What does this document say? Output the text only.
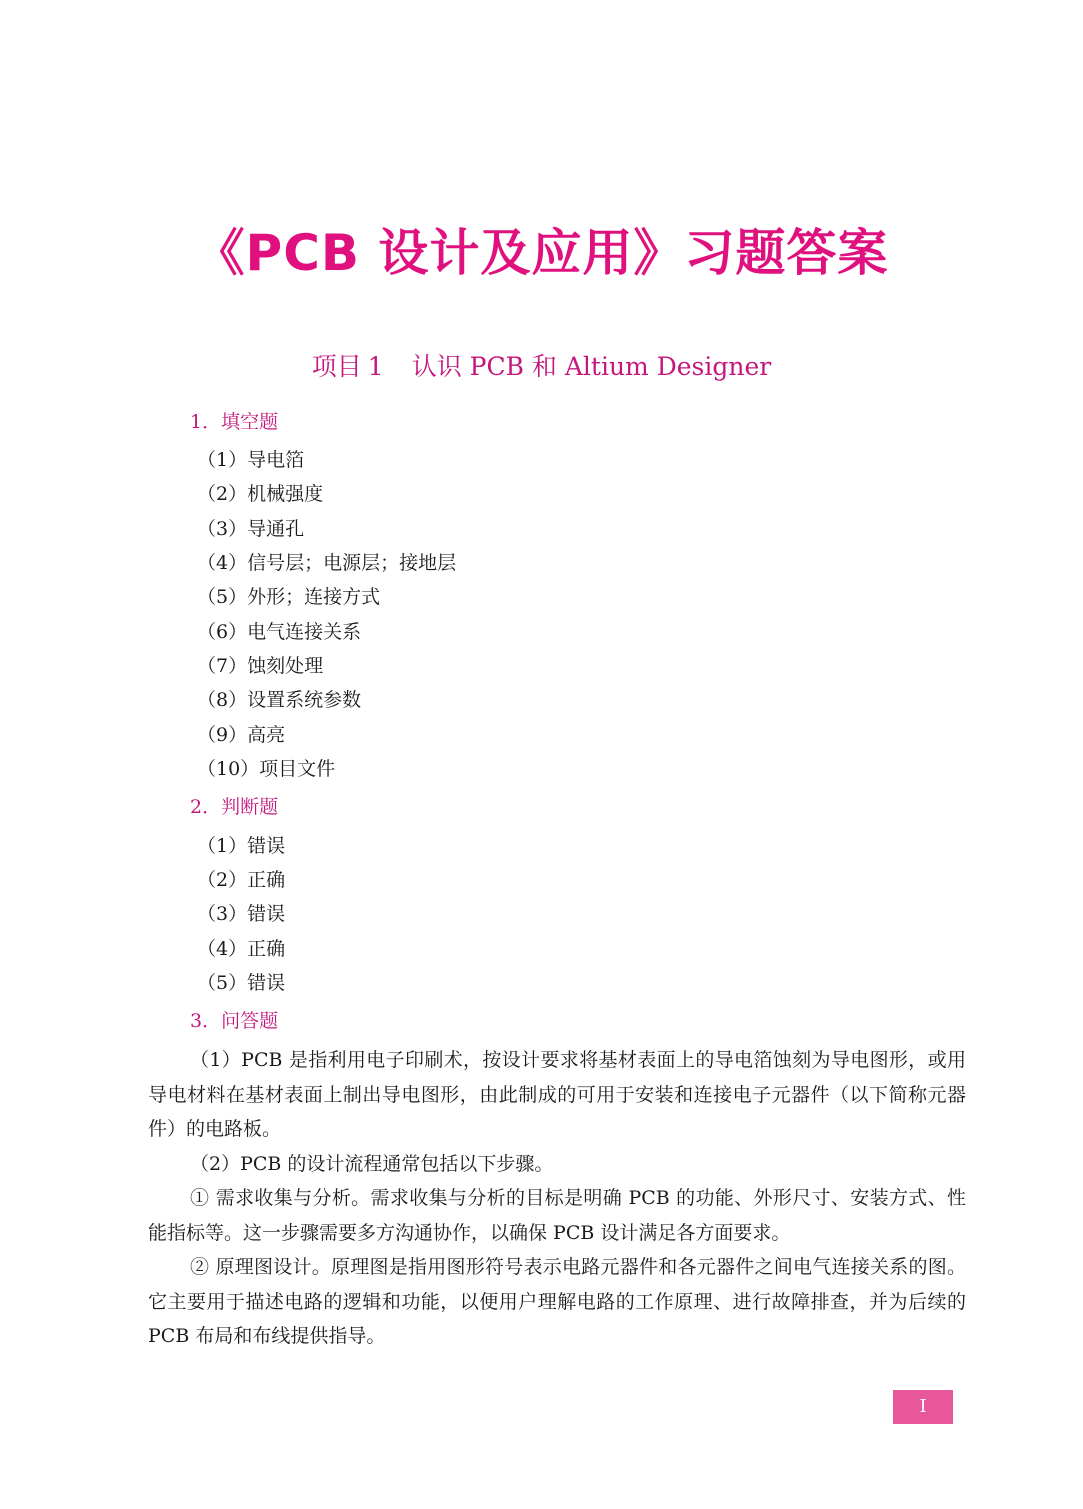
《PCB 设计及应用》习题答案
项目 1 认识 PCB 和 Altium Designer
1．填空题
（1）导电箔
（2）机械强度
（3）导通孔
（4）信号层；电源层；接地层
（5）外形；连接方式
（6）电气连接关系
（7）蚀刻处理
（8）设置系统参数
（9）高亮
（10）项目文件
2．判断题
（1）错误
（2）正确
（3）错误
（4）正确
（5）错误
3．问答题

（1）PCB 是指利用电子印刷术，按设计要求将基材表面上的导电箔蚀刻为导电图形，或用导电材料在基材表面上制出导电图形，由此制成的可用于安装和连接电子元器件（以下简称元器件）的电路板。

（2）PCB 的设计流程通常包括以下步骤。

① 需求收集与分析。需求收集与分析的目标是明确 PCB 的功能、外形尺寸、安装方式、性能指标等。这一步骤需要多方沟通协作，以确保 PCB 设计满足各方面要求。

② 原理图设计。原理图是指用图形符号表示电路元器件和各元器件之间电气连接关系的图。它主要用于描述电路的逻辑和功能，以便用户理解电路的工作原理、进行故障排查，并为后续的 PCB 布局和布线提供指导。

I
